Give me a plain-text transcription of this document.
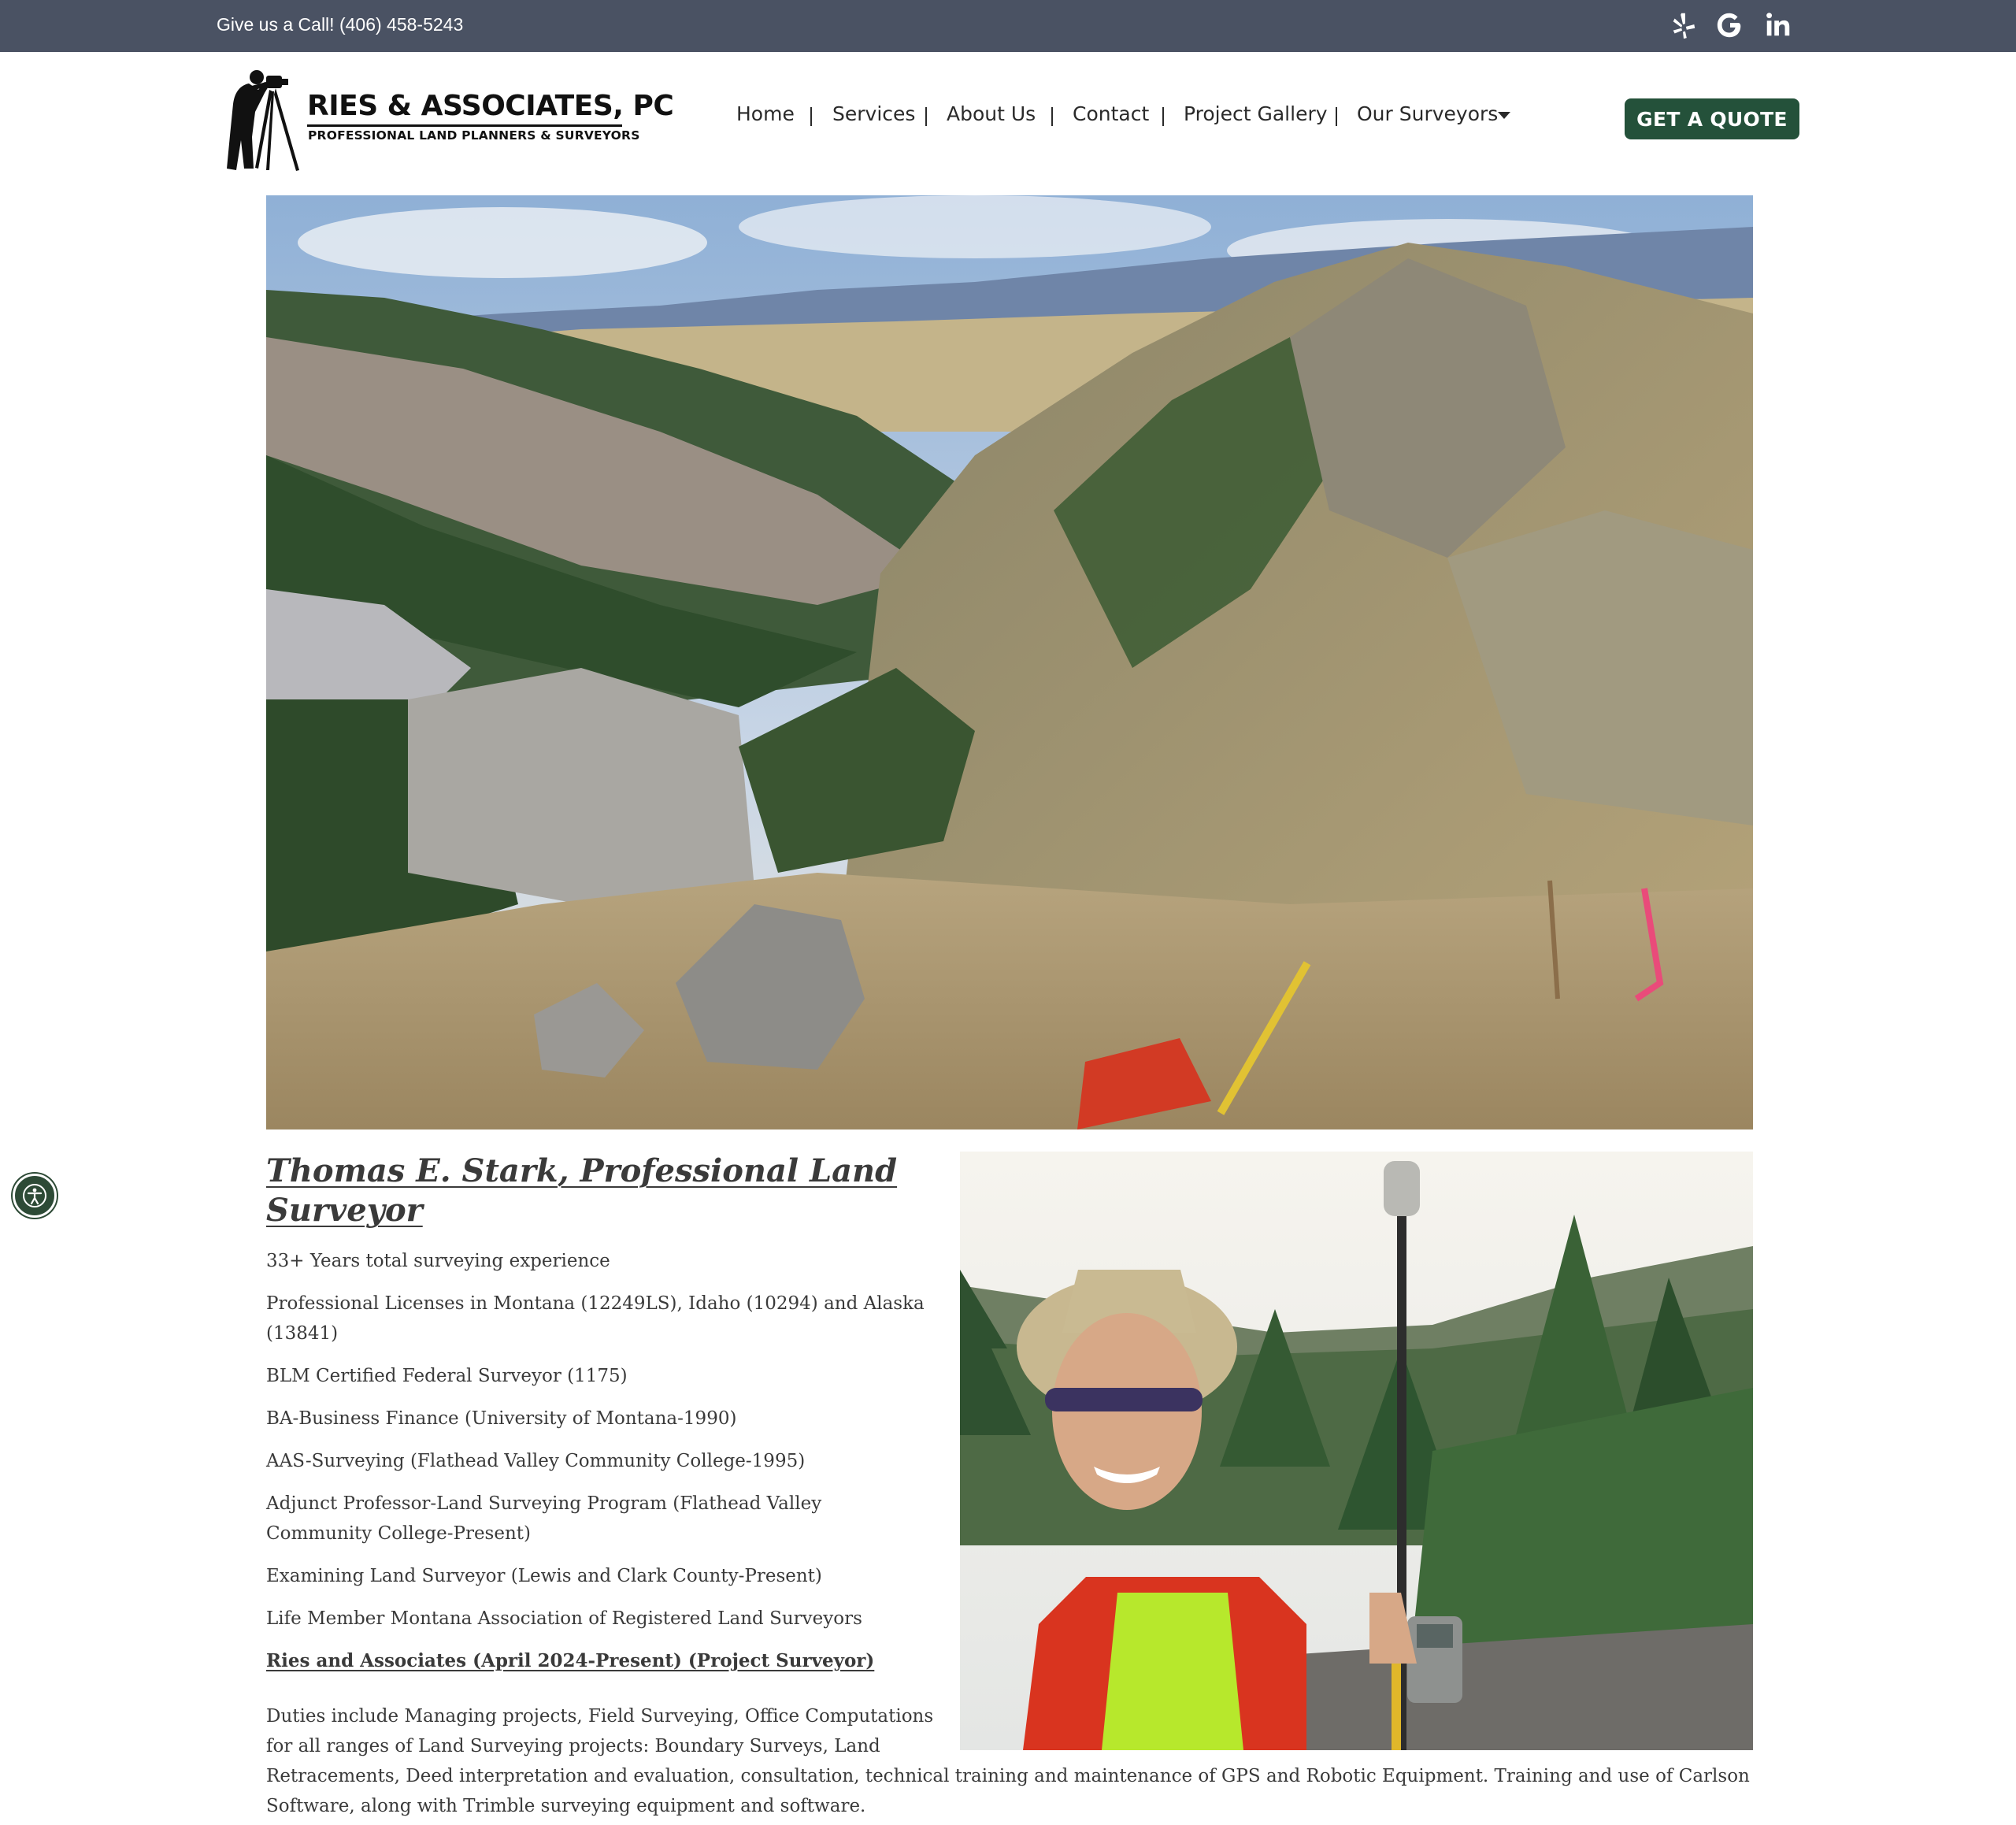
Give us a Call! (406) 458-5243
RIES & ASSOCIATES, PC
PROFESSIONAL LAND PLANNERS & SURVEYORS
Home Services About Us Contact Project Gallery Our Surveyors	GET A QUOTE
Thomas E. Stark, Professional Land Surveyor

33+ Years total surveying experience

Professional Licenses in Montana (12249LS), Idaho (10294) and Alaska (13841)

BLM Certified Federal Surveyor (1175)

BA-Business Finance (University of Montana-1990)

AAS-Surveying (Flathead Valley Community College-1995)

Adjunct Professor-Land Surveying Program (Flathead Valley Community College-Present)

Examining Land Surveyor (Lewis and Clark County-Present)

Life Member Montana Association of Registered Land Surveyors

Ries and Associates (April 2024-Present) (Project Surveyor)

Duties include Managing projects, Field Surveying, Office Computations for all ranges of Land Surveying projects: Boundary Surveys, Land
Retracements, Deed interpretation and evaluation, consultation, technical training and maintenance of GPS and Robotic Equipment. Training and use of Carlson Software, along with Trimble surveying equipment and software.
